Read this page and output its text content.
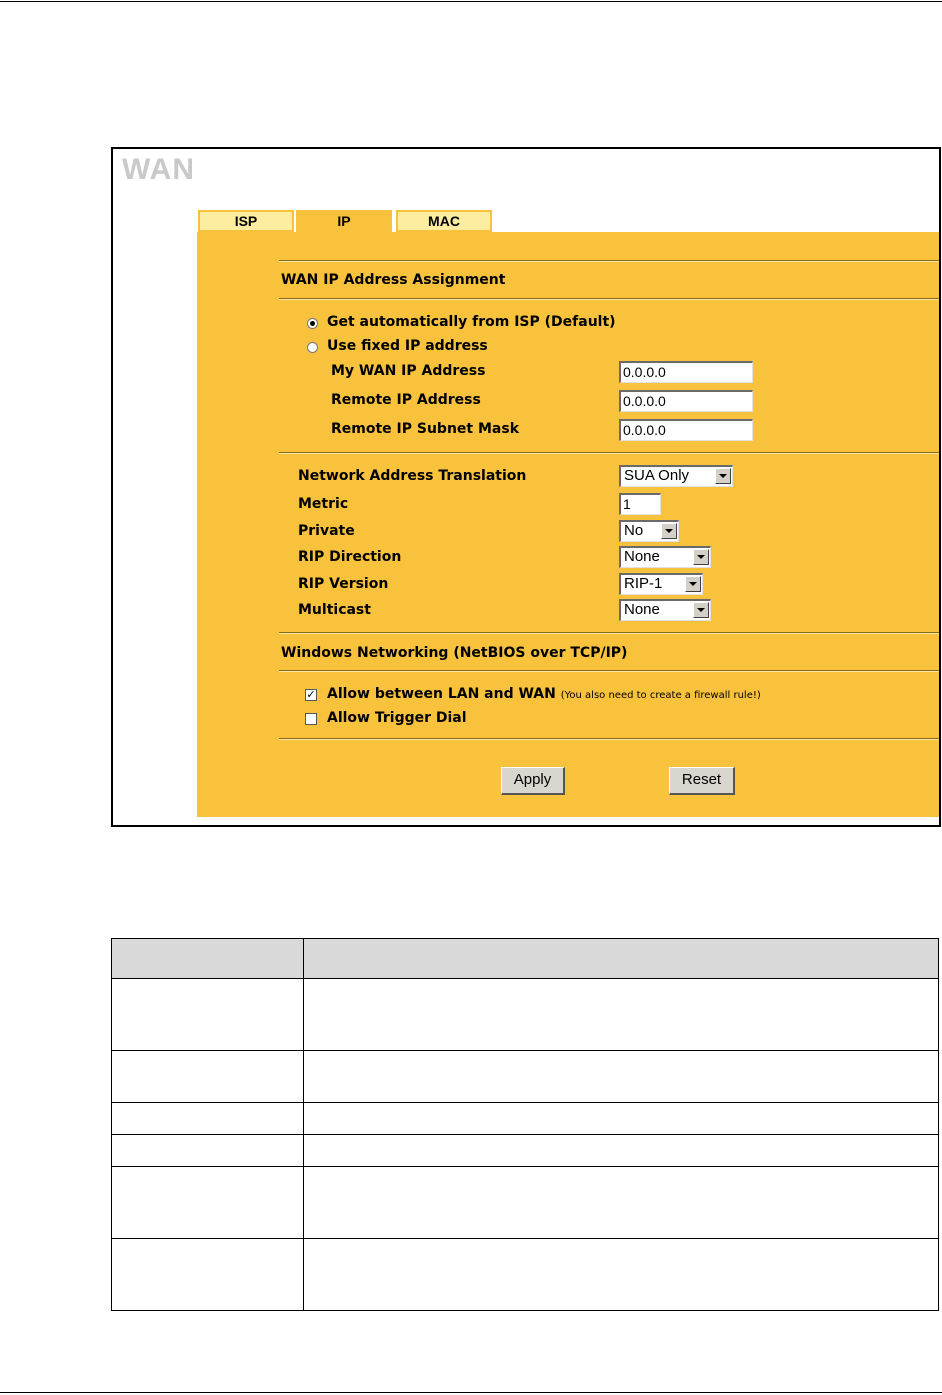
WAN
ISP	IP	MAC
WAN IP Address Assignment
Get automatically from ISP (Default)
Use fixed IP address
My WAN IP Address	0.0.0.0
Remote IP Address	0.0.0.0
Remote IP Subnet Mask	0.0.0.0
Network Address Translation	SUA Only
Metric	1
Private	No
RIP Direction	None
RIP Version	RIP-1
Multicast	None
Windows Networking (NetBIOS over TCP/IP)
✓ Allow between LAN and WAN (You also need to create a firewall rule!)
Allow Trigger Dial
Apply	Reset
